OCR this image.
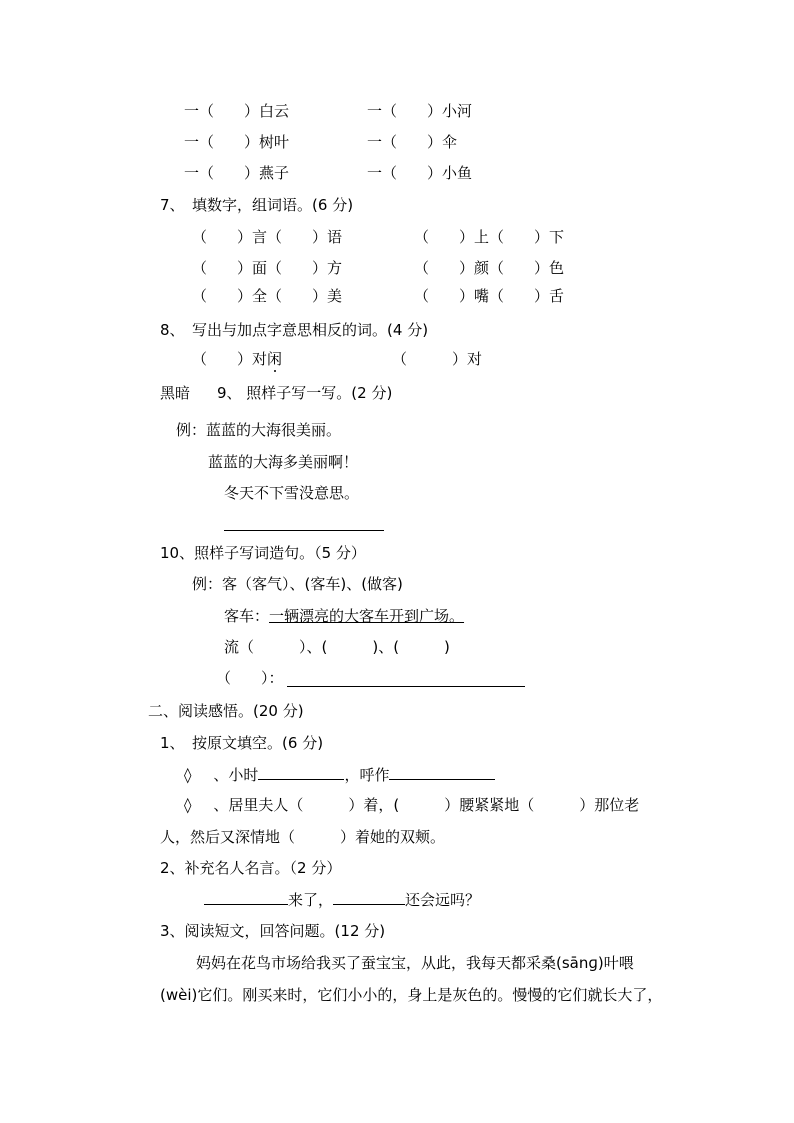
一（　　）白云	一（　　）小河
一（　　）树叶	一（　　）伞
一（　　）燕子	一（　　）小鱼
7、　填数字，组词语。(6 分)
（　　）言（　　）语	（　　）上（　　）下
（　　）面（　　）方	（　　）颜（　　）色
（　　）全（　　）美	（　　）嘴（　　）舌
8、　写出与加点字意思相反的词。(4 分)
（　　）对闲	（　　　）对
黑暗 9、 照样子写一写。(2 分)
例：蓝蓝的大海很美丽。
蓝蓝的大海多美丽啊！
冬天不下雪没意思。
10、照样子写词造句。（5 分）
例：客（客气）、(客车)、(做客)
客车：一辆漂亮的大客车开到广场。
流（　　　）、(　　　)、(　　　)
（　　）：
二、阅读感悟。(20 分)
1、　按原文填空。(6 分)
◊ 、小时	，呼作
◊ 、居里夫人（　　　）着，(　　　）腰紧紧地（　　　）那位老
人，然后又深情地（　　　）着她的双颊。
2、补充名人名言。（2 分）
来了，	还会远吗？
3、阅读短文，回答问题。(12 分)
妈妈在花鸟市场给我买了蚕宝宝，从此，我每天都采桑(sānɡ)叶喂
(wèi)它们。刚买来时，它们小小的，身上是灰色的。慢慢的它们就长大了，
